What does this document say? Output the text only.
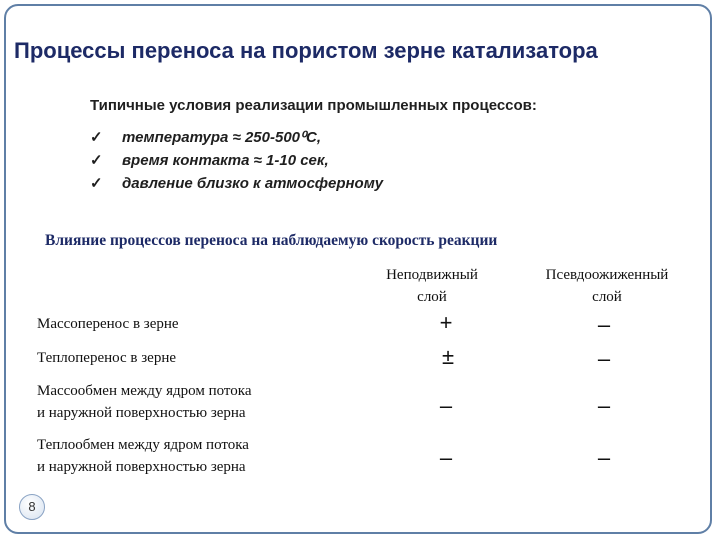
Процессы переноса на пористом зерне катализатора
Типичные условия реализации промышленных процессов:
✓температура ≈ 250-500⁰С,
✓время контакта ≈ 1-10 сек,
✓давление близко к атмосферному
Влияние процессов переноса на наблюдаемую скорость реакции
Неподвижный
слой
Псевдоожиженный
слой
Массоперенос в зерне	+	–
Теплоперенос в зерне	±	–
Массообмен между ядром потока
и наружной поверхностью зерна	–	–
Теплообмен между ядром потока
и наружной поверхностью зерна	–	–
8
